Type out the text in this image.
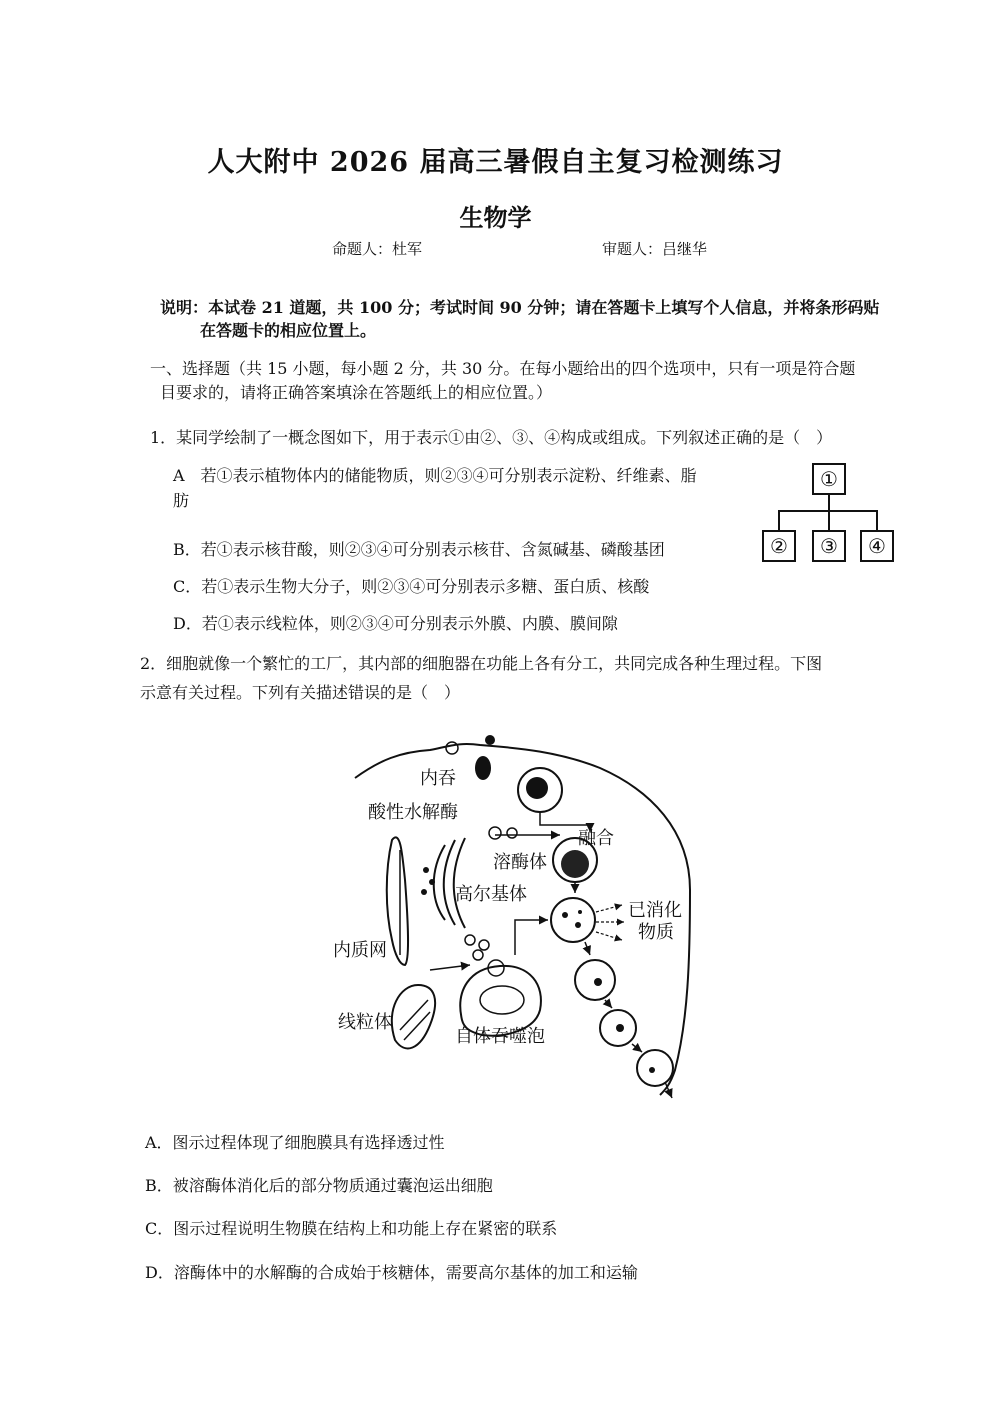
人大附中 2026 届高三暑假自主复习检测练习
生物学
命题人：杜军	审题人：吕继华
说明：本试卷 21 道题，共 100 分；考试时间 90 分钟；请在答题卡上填写个人信息，并将条形码贴
在答题卡的相应位置上。
一、选择题（共 15 小题，每小题 2 分，共 30 分。在每小题给出的四个选项中，只有一项是符合题
目要求的，请将正确答案填涂在答题纸上的相应位置。）
1．某同学绘制了一概念图如下，用于表示①由②、③、④构成或组成。下列叙述正确的是（　）
A　若①表示植物体内的储能物质，则②③④可分别表示淀粉、纤维素、脂
肪
B．若①表示核苷酸，则②③④可分别表示核苷、含氮碱基、磷酸基团
C．若①表示生物大分子，则②③④可分别表示多糖、蛋白质、核酸
D．若①表示线粒体，则②③④可分别表示外膜、内膜、膜间隙
①
②	③	④
2．细胞就像一个繁忙的工厂，其内部的细胞器在功能上各有分工，共同完成各种生理过程。下图
示意有关过程。下列有关描述错误的是（　）
内吞
酸性水解酶
融合
溶酶体
高尔基体
已消化
物质
内质网
线粒体
自体吞噬泡
A．图示过程体现了细胞膜具有选择透过性
B．被溶酶体消化后的部分物质通过囊泡运出细胞
C．图示过程说明生物膜在结构上和功能上存在紧密的联系
D．溶酶体中的水解酶的合成始于核糖体，需要高尔基体的加工和运输
